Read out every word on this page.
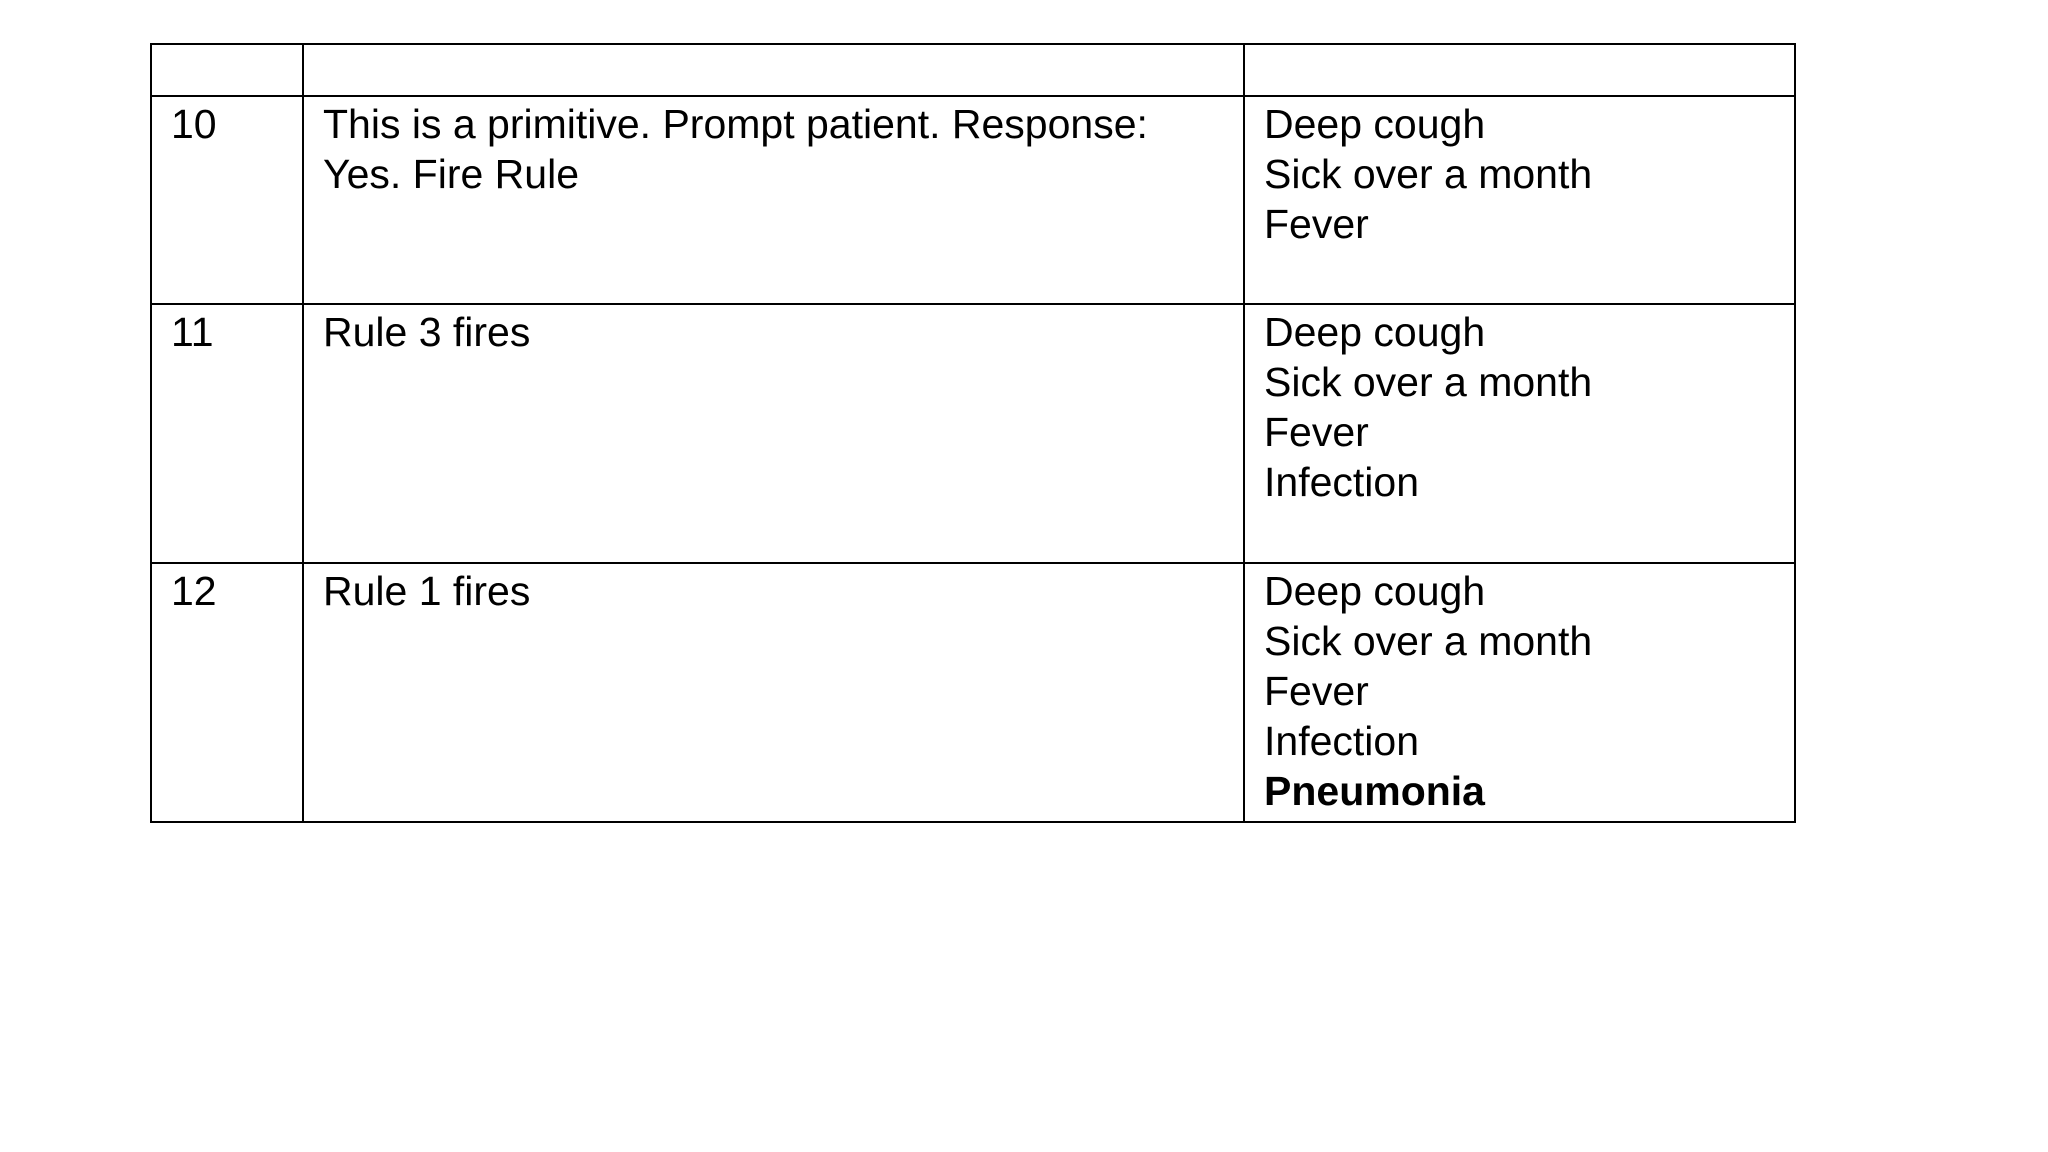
10	This is a primitive. Prompt patient. Response: Yes. Fire Rule	Deep cough
Sick over a month
Fever

11	Rule 3 fires	Deep cough
Sick over a month
Fever
Infection

12	Rule 1 fires	Deep cough
Sick over a month
Fever
Infection
Pneumonia
